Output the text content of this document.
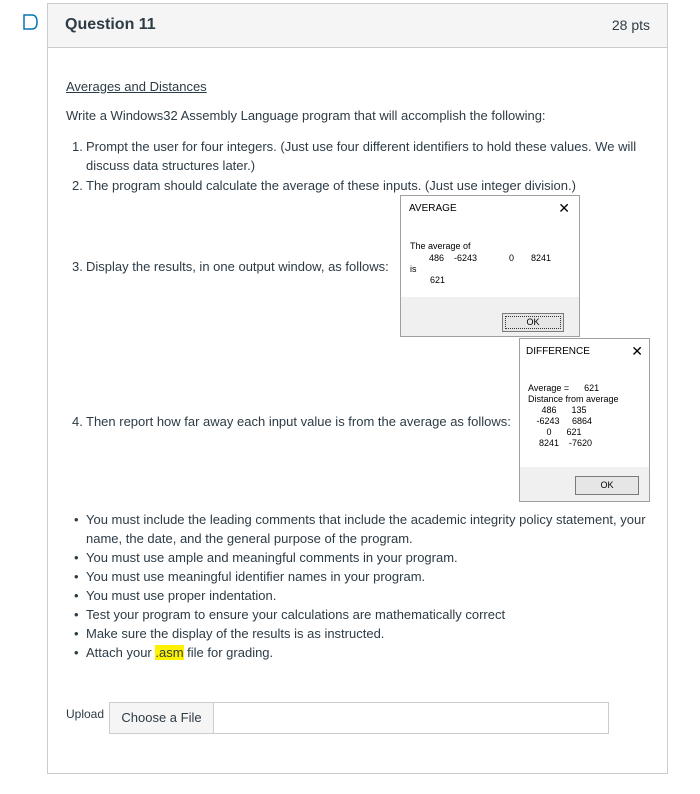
Question 11	28 pts
Averages and Distances
Write a Windows32 Assembly Language program that will accomplish the following:
1. Prompt the user for four integers. (Just use four different identifiers to hold these values. We will
discuss data structures later.)
2. The program should calculate the average of these inputs. (Just use integer division.)
3. Display the results, in one output window, as follows:
AVERAGE	✕
The average of
486    -6243	0 8241
is
621
OK
4. Then report how far away each input value is from the average as follows:
DIFFERENCE	✕
Average =      621
Distance from average
486      135
-6243     6864
0      621
8241    -7620
OK
• You must include the leading comments that include the academic integrity policy statement, your name, the date, and the general purpose of the program.
• You must use ample and meaningful comments in your program.
• You must use meaningful identifier names in your program.
• You must use proper indentation.
• Test your program to ensure your calculations are mathematically correct
• Make sure the display of the results is as instructed.
• Attach your .asm file for grading.
Upload	Choose a File
